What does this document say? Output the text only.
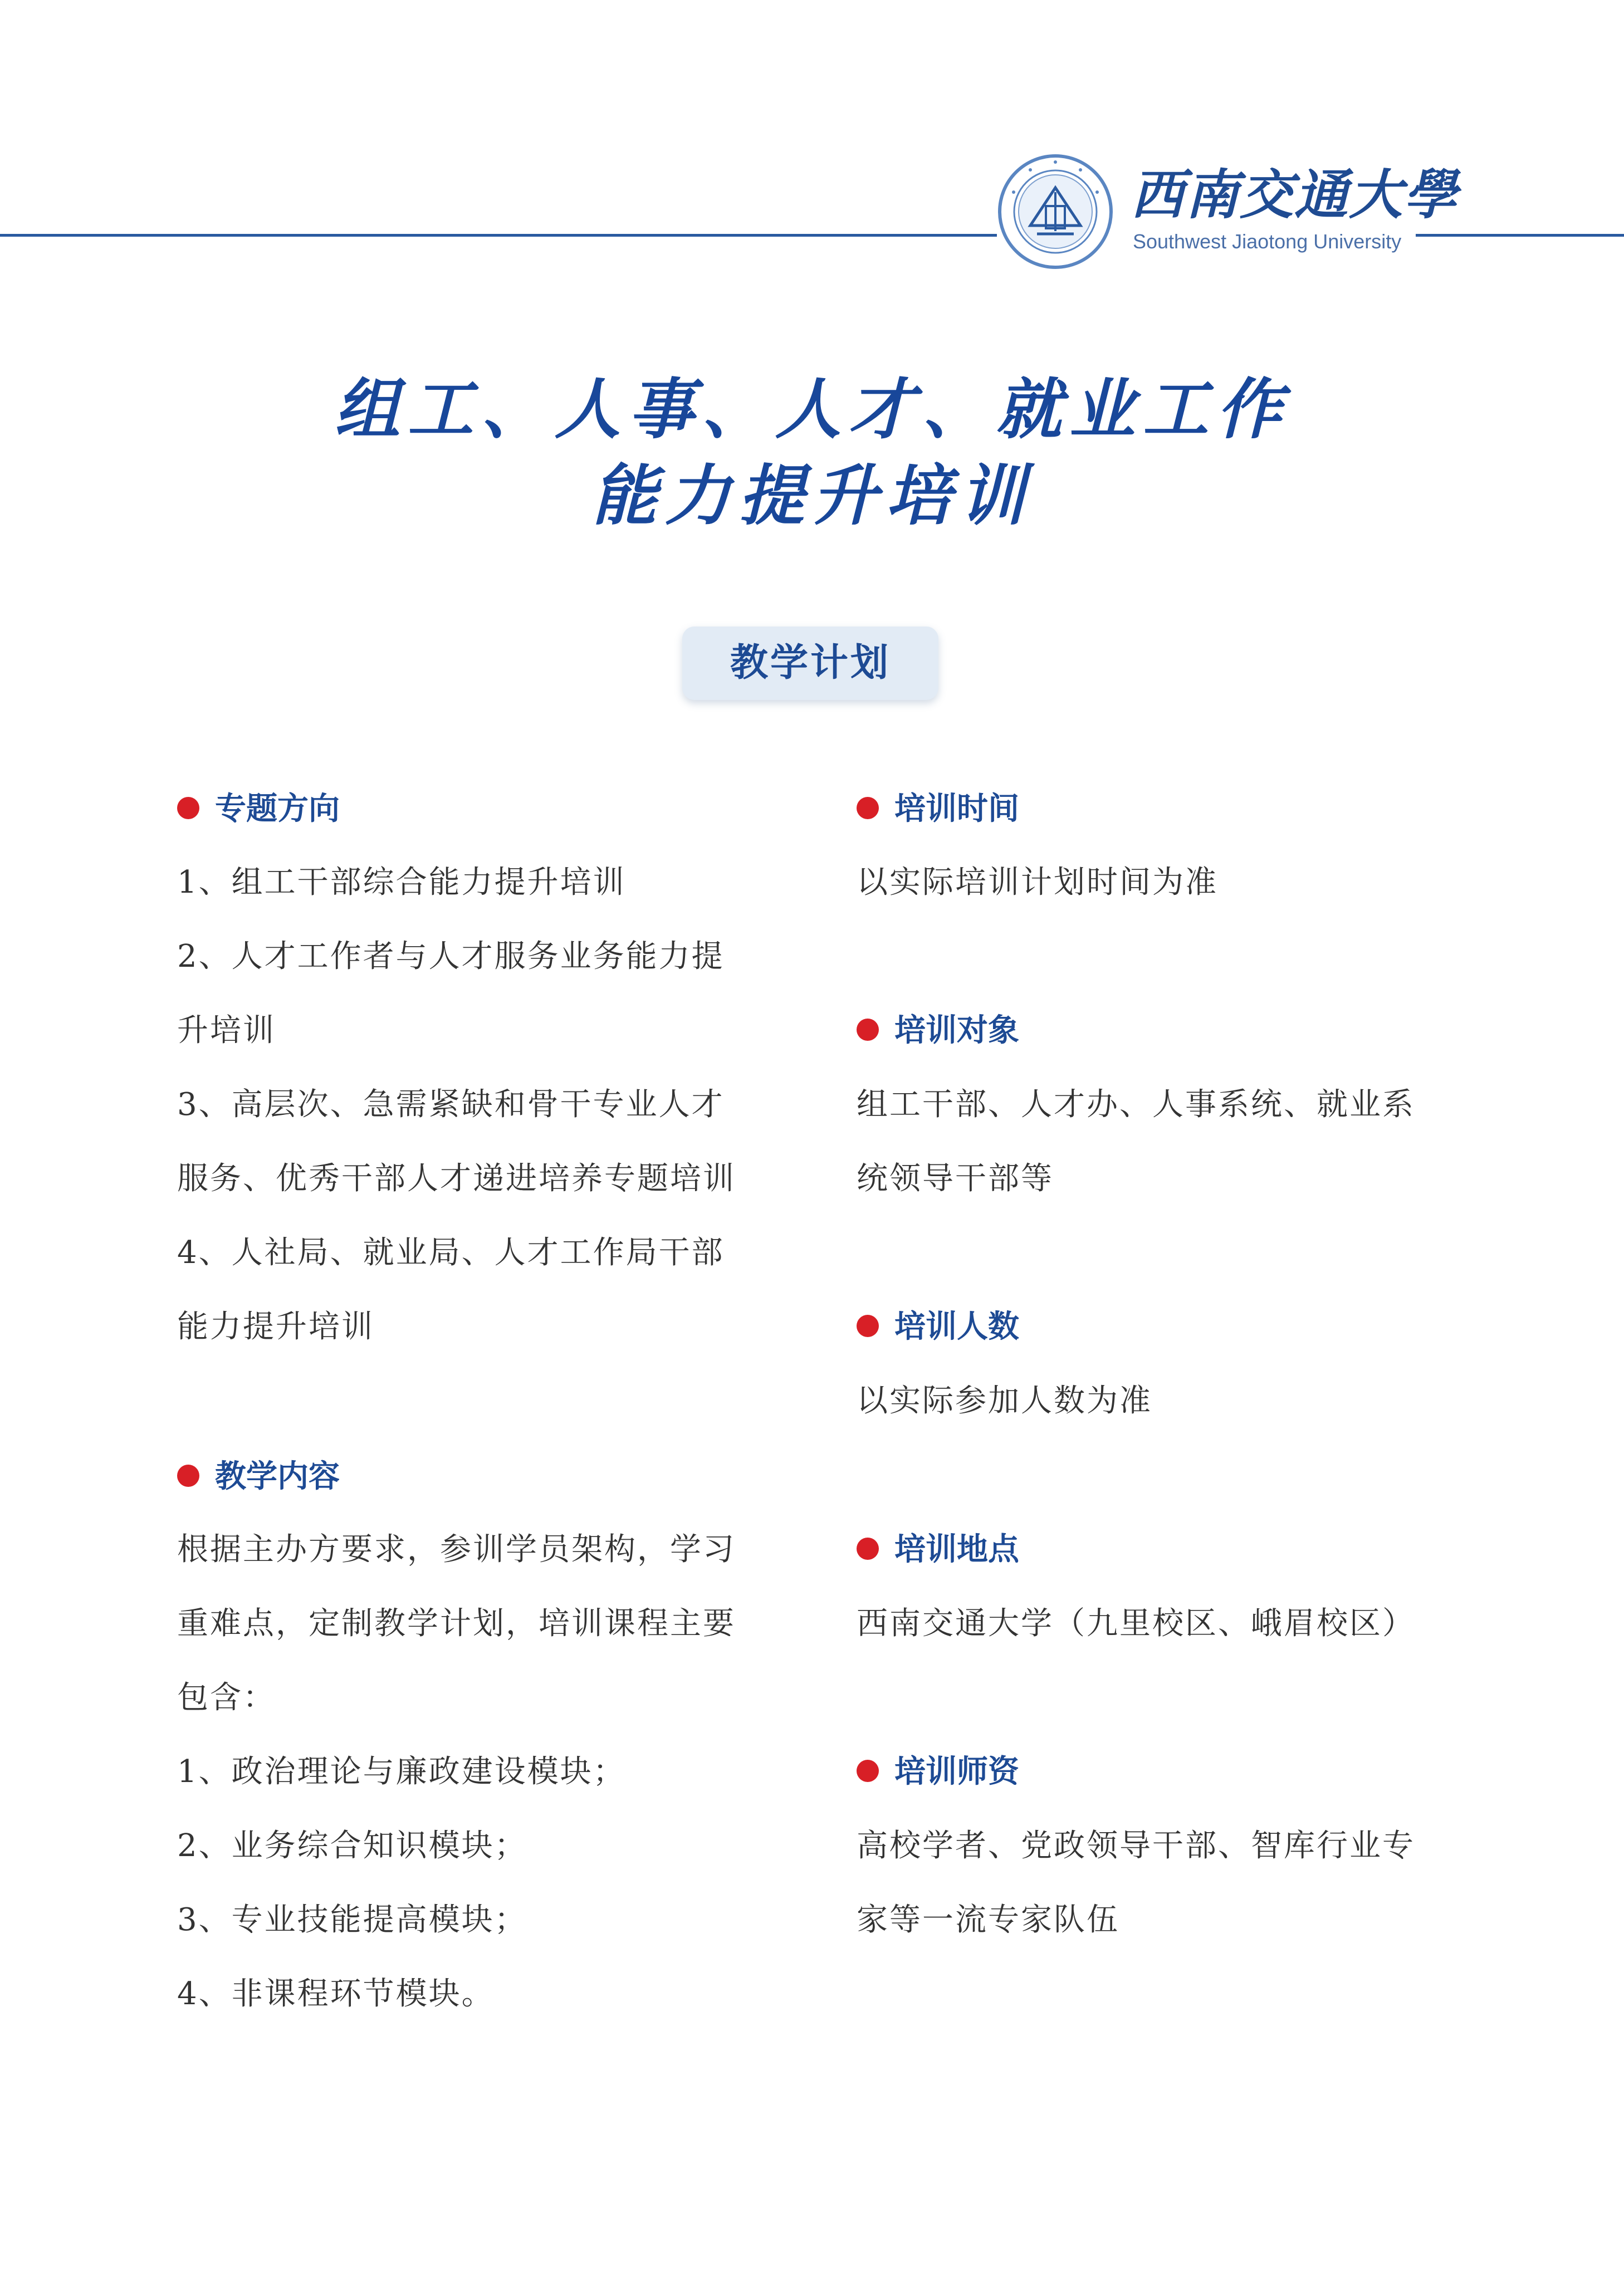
西南交通大學
Southwest Jiaotong University
组工、人事、人才、就业工作
能力提升培训
教学计划
专题方向
1、组工干部综合能力提升培训
2、人才工作者与人才服务业务能力提
升培训
3、高层次、急需紧缺和骨干专业人才
服务、优秀干部人才递进培养专题培训
4、人社局、就业局、人才工作局干部
能力提升培训
教学内容
根据主办方要求，参训学员架构，学习
重难点，定制教学计划，培训课程主要
包含：
1、政治理论与廉政建设模块；
2、业务综合知识模块；
3、专业技能提高模块；
4、非课程环节模块。
培训时间
以实际培训计划时间为准
培训对象
组工干部、人才办、人事系统、就业系
统领导干部等
培训人数
以实际参加人数为准
培训地点
西南交通大学（九里校区、峨眉校区）
培训师资
高校学者、党政领导干部、智库行业专
家等一流专家队伍
